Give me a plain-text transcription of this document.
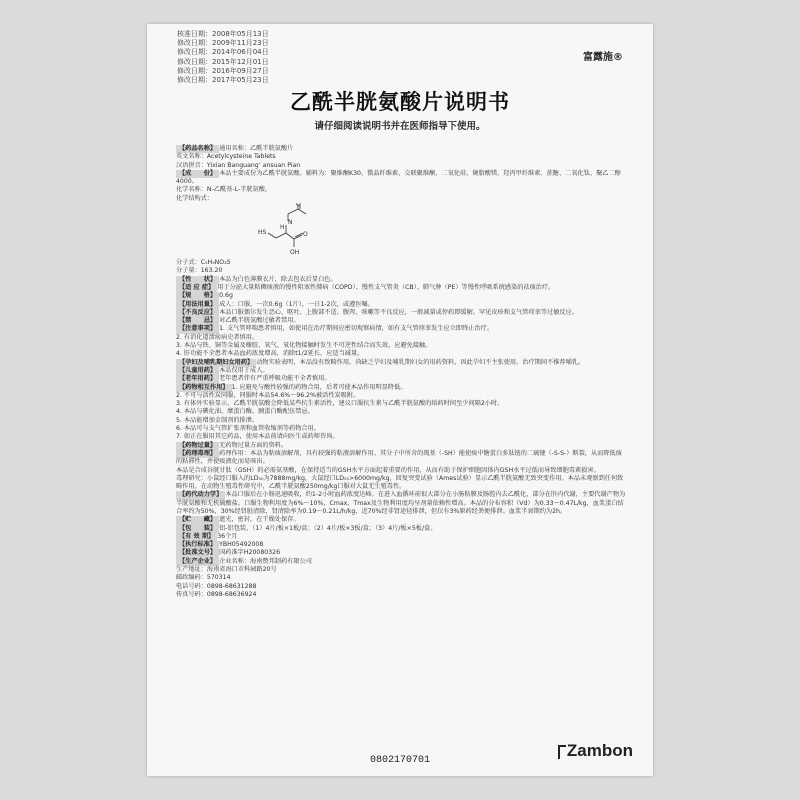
核准日期：2008年05月13日
修改日期：2009年11月23日
修改日期：2014年06月04日
修改日期：2015年12月01日
修改日期：2016年09月27日
修改日期：2017年05月23日
富露施®
乙酰半胱氨酸片说明书
请仔细阅读说明书并在医师指导下使用。
【药品名称】 通用名称：乙酰半胱氨酸片
英文名称：Acetylcysteine Tablets
汉语拼音：Yixian Banguang’ ansuan Pian
【成　　份】 本品主要成份为乙酰半胱氨酸。辅料为：聚维酮K30、微晶纤维素、交联聚维酮、二氧化硅、硬脂酸镁、羟丙甲纤维素、蔗糖、二氧化钛、聚乙二醇4000。
化学名称：N-乙酰基-L-半胱氨酸。
化学结构式：
O
N
H
HS	O
OH
分子式：C₅H₉NO₃S
分子量：163.20
【性　　状】 本品为白色薄膜衣片，除去包衣后显白色。
【适 应 症】 用于分泌大量粘稠痰液的慢性阻塞性肺病（COPD）、慢性支气管炎（CB）、肺气肿（PE）等慢性呼吸系统感染的祛痰治疗。
【规　　格】 0.6g
【用法用量】 成人：口服，一次0.6g（1片），一日1-2次，或遵医嘱。
【不良反应】 本品口服偶尔发生恶心、呕吐、上腹部不适、腹泻、咳嗽等不良反应，一般减量或停药即缓解。罕见皮疹和支气管痉挛等过敏反应。
【禁　　忌】 对乙酰半胱氨酸过敏者禁用。
【注意事项】 1. 支气管哮喘患者慎用，如使用在治疗期间应密切观察病情，如有支气管痉挛发生应立即终止治疗。
2. 有消化道溃疡病史者慎用。
3. 本品与铁、铜等金属及橡胶、氧气、氧化物接触时发生不可逆性结合而失效，应避免接触。
4. 肝功能不全患者本品血药浓度增高，消除t1/2延长，应适当减量。
【孕妇及哺乳期妇女用药】 动物实验表明，本品没有致畸作用。尚缺乏孕妇及哺乳期妇女的用药资料，因此孕妇不主张使用，治疗期间不推荐哺乳。
【儿童用药】 本品仅用于成人。
【老年用药】 老年患者伴有严重呼吸功能不全者慎用。
【药物相互作用】 1. 应避免与酸性较强的药物合用，后者可使本品作用明显降低。
2. 不可与活性炭同服，同服时本品54.6%～96.2%被活性炭吸附。
3. 有体外实验显示，乙酰半胱氨酸会降低某些抗生素活性，建议口服抗生素与乙酰半胱氨酸的给药时间至少间隔2小时。
4. 本品与碘化油、糜蛋白酶、胰蛋白酶配伍禁忌。
5. 本品能增加金制剂的排泄。
6. 本品可与支气管扩张剂和血管收缩剂等药物合用。
7. 如正在服用其它药品，使用本品前请向医生或药师咨询。
【药物过量】 无药物过量方面的资料。
【药理毒理】 药理作用：本品为粘痰溶解剂，具有较强的粘液溶解作用。其分子中所含的巯基（-SH）能使痰中糖蛋白多肽链的二硫键（-S-S-）断裂，从而降低痰的粘滞性，并使痰液化而易咳出。
本品是合成谷胱甘肽（GSH）的必需氨基酸，在保持适当的GSH水平方面起着重要的作用，从而有助于保护细胞因体内GSH水平过低而导致细胞毒素损害。
毒理研究：小鼠经口服入的LD₅₀为7888mg/kg，大鼠经口LD₅₀>6000mg/kg，回复突变试验（Ames试验）显示乙酰半胱氨酸无致突变作用。本品未观察到任何致畸作用。在动物生殖毒性研究中，乙酰半胱氨酸250mg/kg口服对大鼠无生殖毒性。
【药代动力学】 本品口服后在小肠迅速吸收，约1-2小时血药浓度达峰。在进入血循环前很大部分在小肠粘膜及肠腔内去乙酰化，部分在肝内代谢，主要代谢产物为半胱氨酸和无机硫酸盐。口服生物利用度为6%～10%，Cmax、Tmax及生物利用度均呈剂量依赖性增高。本品的分布容积（Vd）为0.33～0.47L/kg，血浆蛋白结合率约为50%，30%经肾脏清除，肾清除率为0.19～0.21L/h/kg，近70%经非肾途径排泄，但仅有3%原药经粪便排泄。血浆半衰期约为2h。
【贮　　藏】 遮光，密封，在干燥处保存。
【包　　装】 铝-铝包装，（1）4片/板×1板/盒；（2）4片/板×3板/盒；（3）4片/板×5板/盒。
【有 效 期】 36个月
【执行标准】 YBH05492008
【批准文号】 国药准字H20080326
【生产企业】 企业名称：海南赞邦制药有限公司
生产地址：海南省海口市科园路20号
邮政编码：570314
电话号码：0898-68631288
传真号码：0898-68636924
0802170701
Zambon
